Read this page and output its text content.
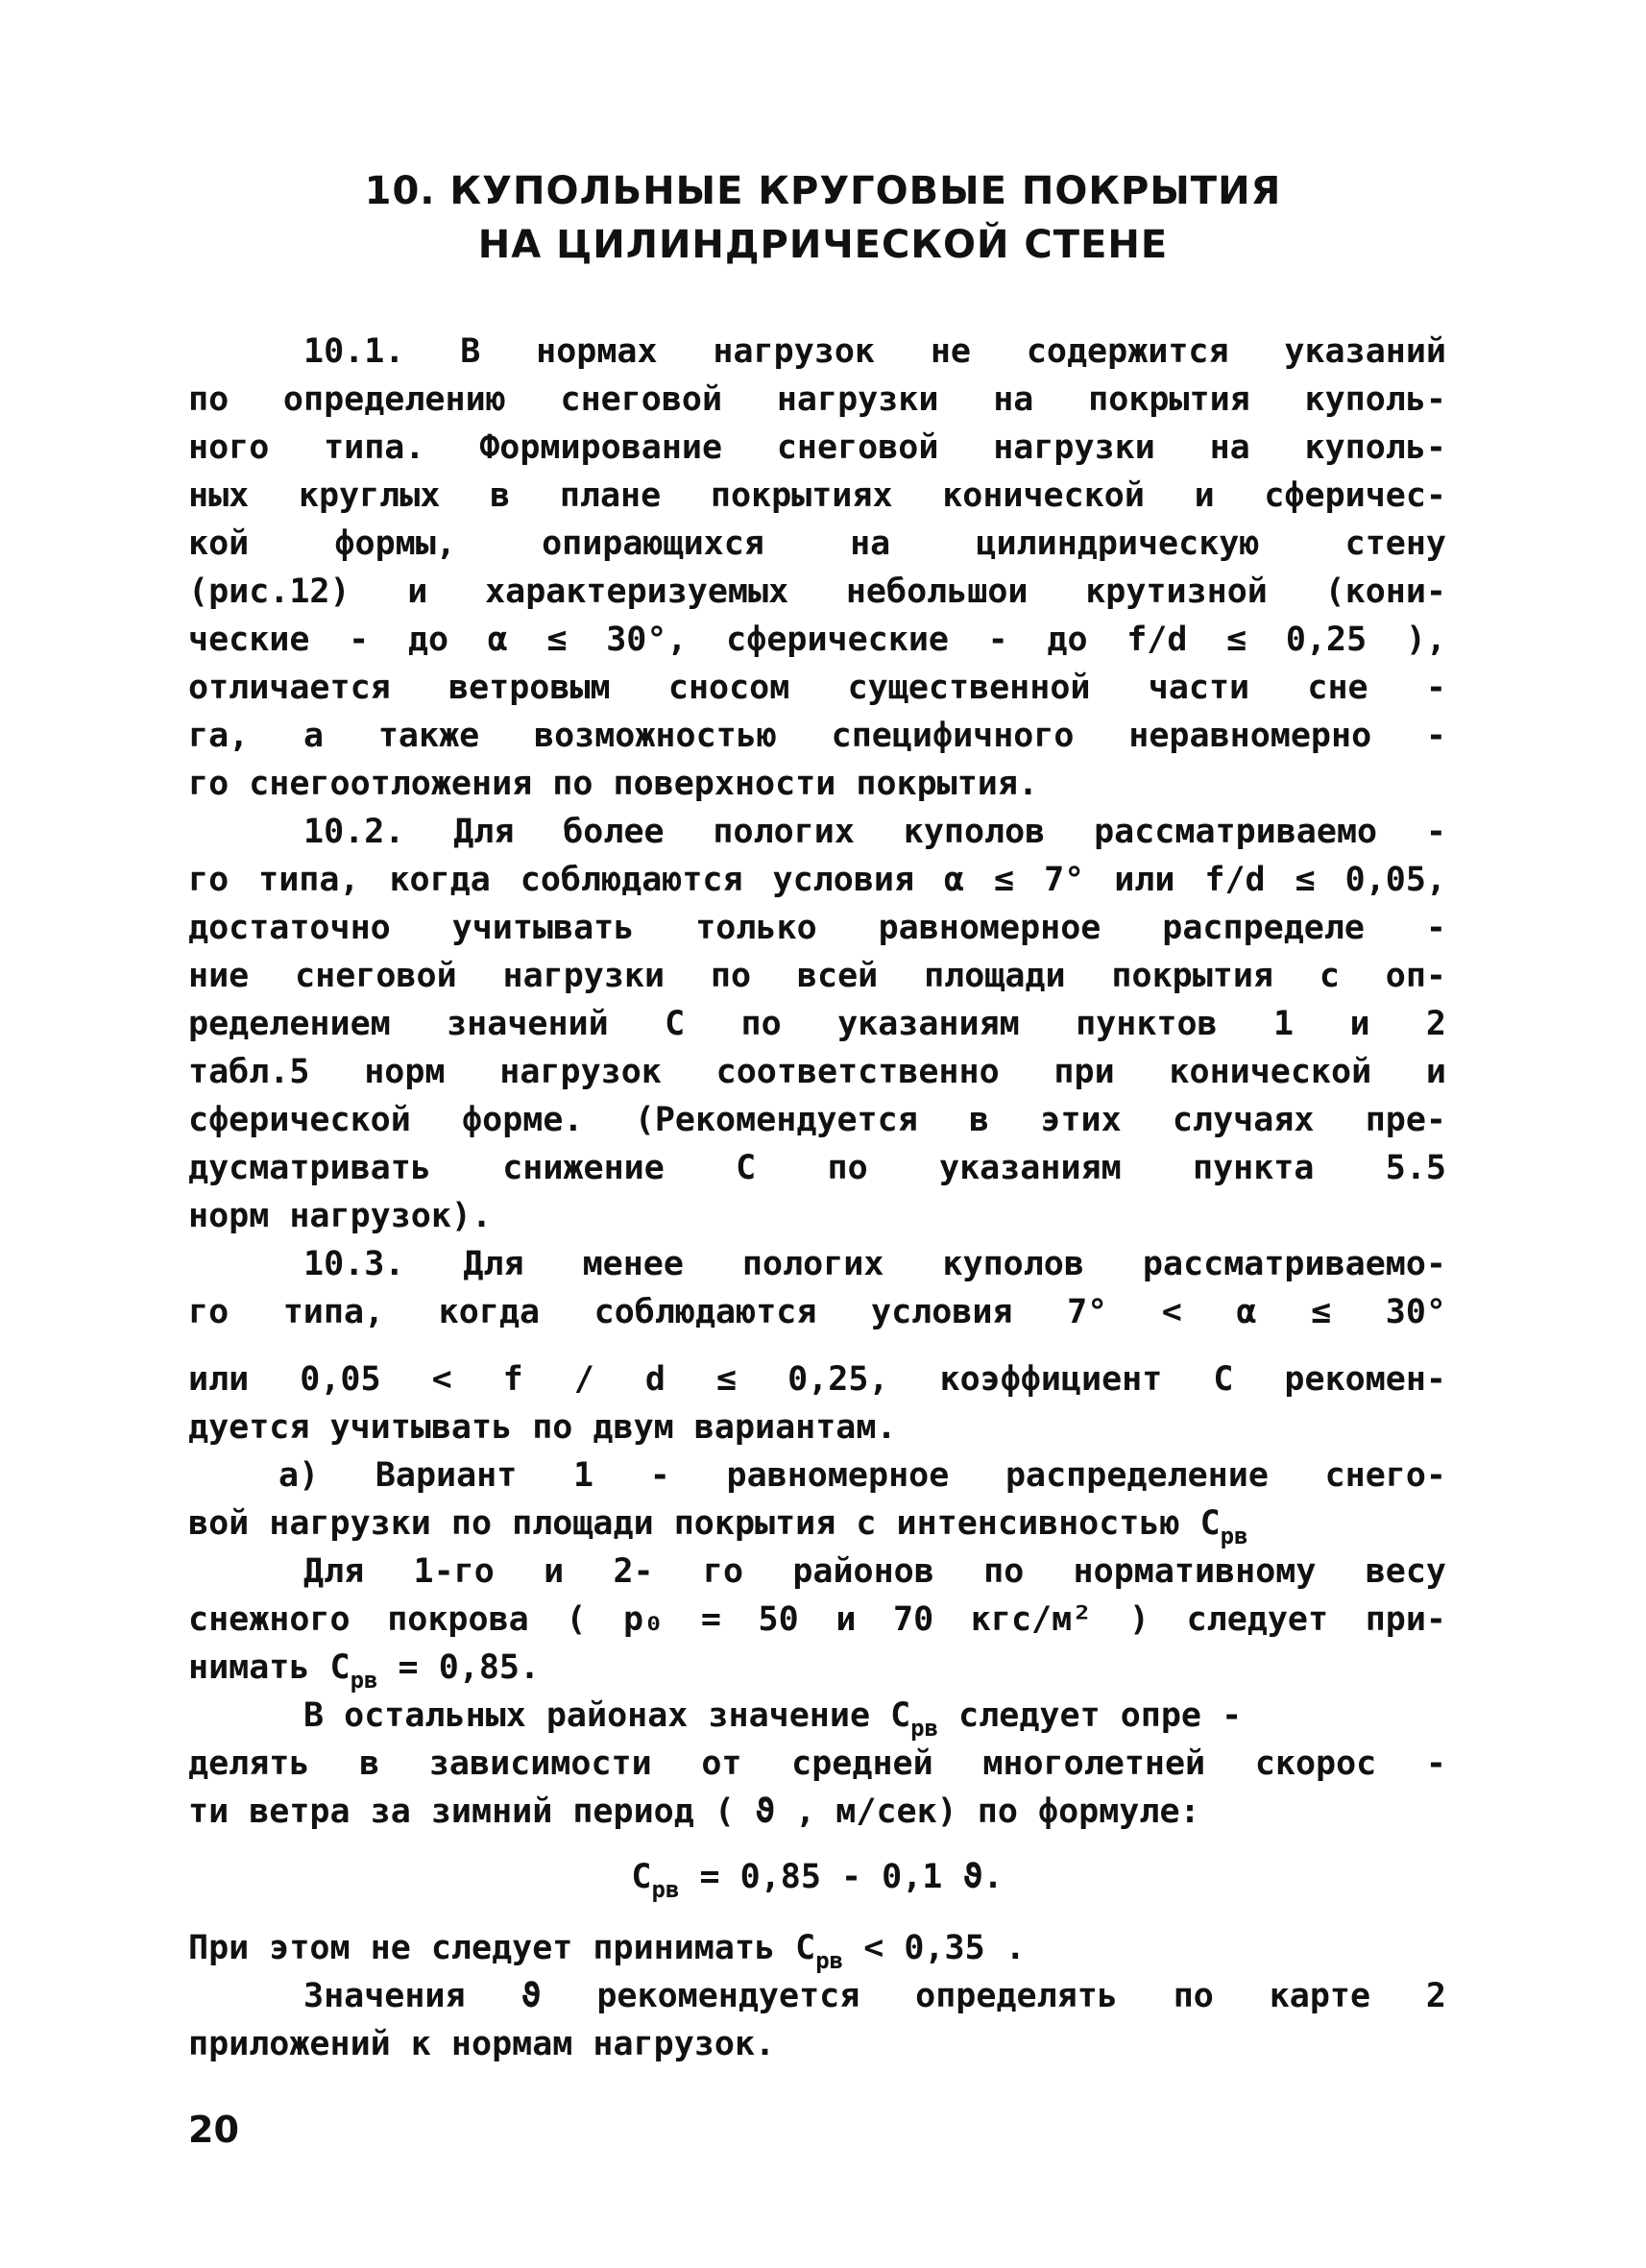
10. КУПОЛЬНЫЕ КРУГОВЫЕ ПОКРЫТИЯ
НА ЦИЛИНДРИЧЕСКОЙ СТЕНЕ
10.1. В нормах нагрузок не содержится указаний
по определению снеговой нагрузки на покрытия куполь-
ного типа. Формирование снеговой нагрузки на куполь-
ных круглых в плане покрытиях конической и сферичес-
кой формы, опирающихся на цилиндрическую стену
(рис.12) и характеризуемых небольшои крутизной (кони-
ческие - до α ≤ 30°, сферические - до f/d ≤ 0,25 ),
отличается ветровым сносом существенной части сне -
га, а также возможностью специфичного неравномерно -
го снегоотложения по поверхности покрытия.
10.2. Для более пологих куполов рассматриваемо -
го типа, когда соблюдаются условия α ≤ 7° или f/d ≤ 0,05,
достаточно учитывать только равномерное распределе -
ние снеговой нагрузки по всей площади покрытия с оп-
ределением значений С по указаниям пунктов 1 и 2
табл.5 норм нагрузок соответственно при конической и
сферической форме. (Рекомендуется в этих случаях пре-
дусматривать снижение С по указаниям пункта 5.5
норм нагрузок).
10.3. Для менее пологих куполов рассматриваемо-
го типа, когда соблюдаются условия 7° < α ≤ 30°
или 0,05 < f / d ≤ 0,25, коэффициент С рекомен-
дуется учитывать по двум вариантам.
а) Вариант 1 - равномерное распределение снего-
вой нагрузки по площади покрытия с интенсивностью $С_{рв}$
Для 1-го и 2- го районов по нормативному весу
снежного покрова ( p₀ = 50 и 70 кгс/м² ) следует при-
нимать $С_{рв} = 0,85$.
В остальных районах значение $С_{рв}$ следует опре -
делять в зависимости от средней многолетней скорос -
ти ветра за зимний период ( ϑ , м/сек) по формуле:
$С_{рв} = 0,85 - 0,1$ ϑ.
При этом не следует принимать $С_{рв} < 0,35$ .
Значения ϑ рекомендуется определять по карте 2
приложений к нормам нагрузок.
20
